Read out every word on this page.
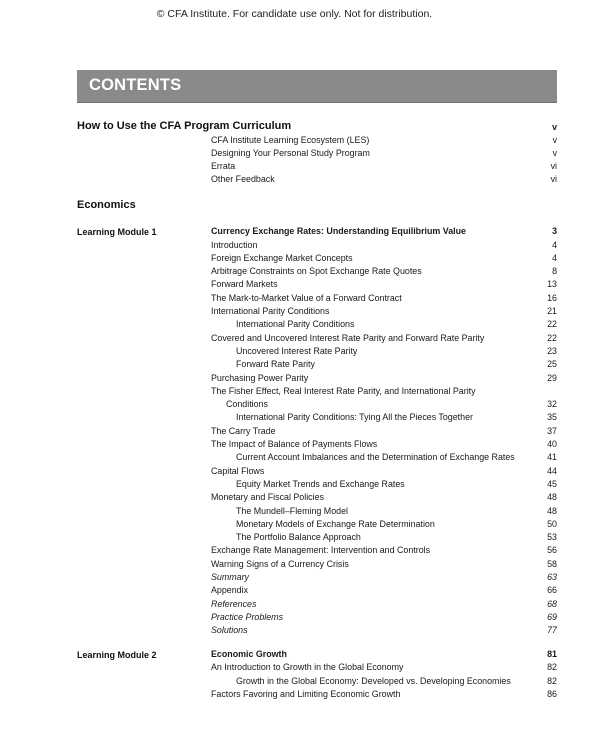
© CFA Institute. For candidate use only. Not for distribution.
CONTENTS
How to Use the CFA Program Curriculum	v
CFA Institute Learning Ecosystem (LES)	v
Designing Your Personal Study Program	v
Errata	vi
Other Feedback	vi
Economics
Learning Module 1	Currency Exchange Rates: Understanding Equilibrium Value	3
Introduction	4
Foreign Exchange Market Concepts	4
Arbitrage Constraints on Spot Exchange Rate Quotes	8
Forward Markets	13
The Mark-to-Market Value of a Forward Contract	16
International Parity Conditions	21
International Parity Conditions	22
Covered and Uncovered Interest Rate Parity and Forward Rate Parity	22
Uncovered Interest Rate Parity	23
Forward Rate Parity	25
Purchasing Power Parity	29
The Fisher Effect, Real Interest Rate Parity, and International Parity
Conditions	32
International Parity Conditions: Tying All the Pieces Together	35
The Carry Trade	37
The Impact of Balance of Payments Flows	40
Current Account Imbalances and the Determination of Exchange Rates	41
Capital Flows	44
Equity Market Trends and Exchange Rates	45
Monetary and Fiscal Policies	48
The Mundell–Fleming Model	48
Monetary Models of Exchange Rate Determination	50
The Portfolio Balance Approach	53
Exchange Rate Management: Intervention and Controls	56
Warning Signs of a Currency Crisis	58
Summary	63
Appendix	66
References	68
Practice Problems	69
Solutions	77
Learning Module 2	Economic Growth	81
An Introduction to Growth in the Global Economy	82
Growth in the Global Economy: Developed vs. Developing Economies	82
Factors Favoring and Limiting Economic Growth	86
